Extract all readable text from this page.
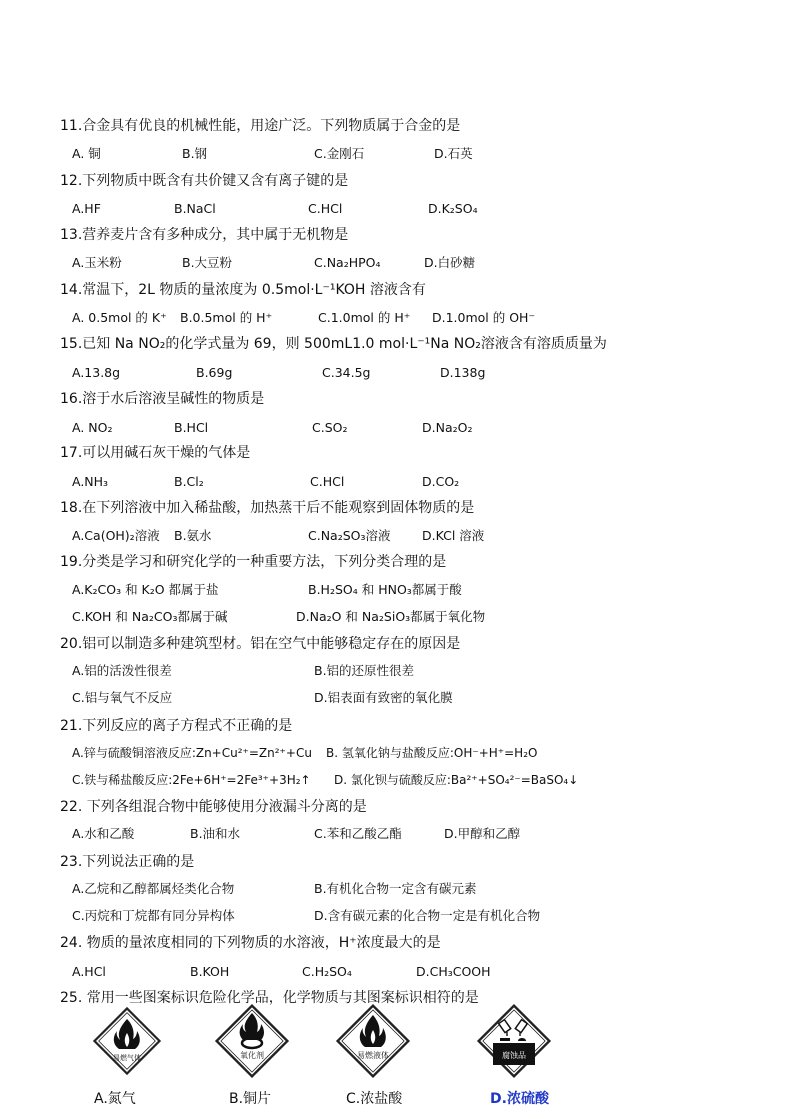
11.合金具有优良的机械性能，用途广泛。下列物质属于合金的是
A. 铜	B.钢	C.金刚石	D.石英
12.下列物质中既含有共价键又含有离子键的是
A.HF	B.NaCl	C.HCl	D.K₂SO₄
13.营养麦片含有多种成分，其中属于无机物是
A.玉米粉	B.大豆粉	C.Na₂HPO₄	D.白砂糖
14.常温下，2L 物质的量浓度为 0.5mol·L⁻¹KOH 溶液含有
A. 0.5mol 的 K⁺ B.0.5mol 的 H⁺	C.1.0mol 的 H⁺ D.1.0mol 的 OH⁻
15.已知 Na NO₂的化学式量为 69，则 500mL1.0 mol·L⁻¹Na NO₂溶液含有溶质质量为
A.13.8g	B.69g	C.34.5g	D.138g
16.溶于水后溶液呈碱性的物质是
A. NO₂	B.HCl	C.SO₂	D.Na₂O₂
17.可以用碱石灰干燥的气体是
A.NH₃	B.Cl₂	C.HCl	D.CO₂
18.在下列溶液中加入稀盐酸，加热蒸干后不能观察到固体物质的是
A.Ca(OH)₂溶液 B.氨水	C.Na₂SO₃溶液	D.KCl 溶液
19.分类是学习和研究化学的一种重要方法，下列分类合理的是
A.K₂CO₃ 和 K₂O 都属于盐	B.H₂SO₄ 和 HNO₃都属于酸
C.KOH 和 Na₂CO₃都属于碱	D.Na₂O 和 Na₂SiO₃都属于氧化物
20.铝可以制造多种建筑型材。铝在空气中能够稳定存在的原因是
A.铝的活泼性很差	B.铝的还原性很差
C.铝与氧气不反应	D.铝表面有致密的氧化膜
21.下列反应的离子方程式不正确的是
A.锌与硫酸铜溶液反应:Zn+Cu²⁺=Zn²⁺+Cu B. 氢氧化钠与盐酸反应:OH⁻+H⁺=H₂O
C.铁与稀盐酸反应:2Fe+6H⁺=2Fe³⁺+3H₂↑ D. 氯化钡与硫酸反应:Ba²⁺+SO₄²⁻=BaSO₄↓
22. 下列各组混合物中能够使用分液漏斗分离的是
A.水和乙酸	B.油和水	C.苯和乙酸乙酯	D.甲醇和乙醇
23.下列说法正确的是
A.乙烷和乙醇都属烃类化合物	B.有机化合物一定含有碳元素
C.丙烷和丁烷都有同分异构体	D.含有碳元素的化合物一定是有机化合物
24. 物质的量浓度相同的下列物质的水溶液，H⁺浓度最大的是
A.HCl	B.KOH	C.H₂SO₄	D.CH₃COOH
25. 常用一些图案标识危险化学品，化学物质与其图案标识相符的是
易燃气体
A.氮气
氧化剂
B.铜片
易燃液体
C.浓盐酸
腐蚀品
D.浓硫酸
